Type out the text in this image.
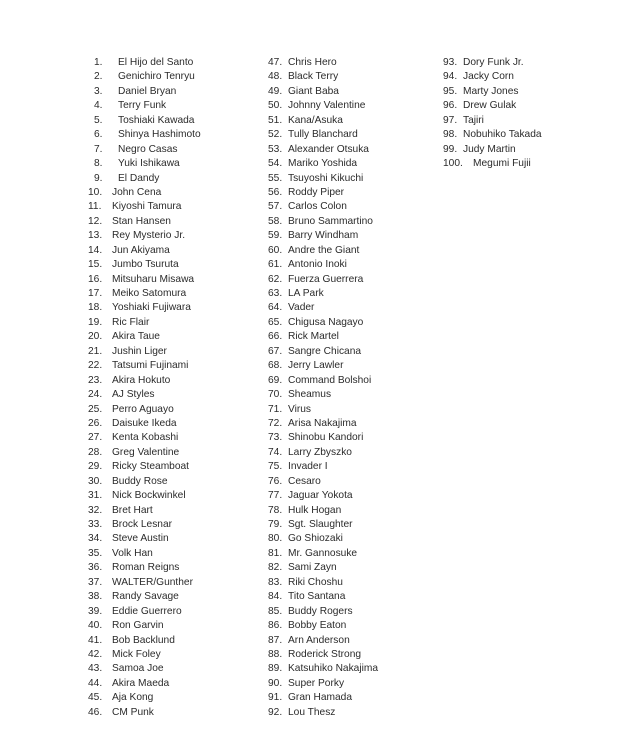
1. El Hijo del Santo
2. Genichiro Tenryu
3. Daniel Bryan
4. Terry Funk
5. Toshiaki Kawada
6. Shinya Hashimoto
7. Negro Casas
8. Yuki Ishikawa
9. El Dandy
10. John Cena
11. Kiyoshi Tamura
12. Stan Hansen
13. Rey Mysterio Jr.
14. Jun Akiyama
15. Jumbo Tsuruta
16. Mitsuharu Misawa
17. Meiko Satomura
18. Yoshiaki Fujiwara
19. Ric Flair
20. Akira Taue
21. Jushin Liger
22. Tatsumi Fujinami
23. Akira Hokuto
24. AJ Styles
25. Perro Aguayo
26. Daisuke Ikeda
27. Kenta Kobashi
28. Greg Valentine
29. Ricky Steamboat
30. Buddy Rose
31. Nick Bockwinkel
32. Bret Hart
33. Brock Lesnar
34. Steve Austin
35. Volk Han
36. Roman Reigns
37. WALTER/Gunther
38. Randy Savage
39. Eddie Guerrero
40. Ron Garvin
41. Bob Backlund
42. Mick Foley
43. Samoa Joe
44. Akira Maeda
45. Aja Kong
46. CM Punk
47. Chris Hero
48. Black Terry
49. Giant Baba
50. Johnny Valentine
51. Kana/Asuka
52. Tully Blanchard
53. Alexander Otsuka
54. Mariko Yoshida
55. Tsuyoshi Kikuchi
56. Roddy Piper
57. Carlos Colon
58. Bruno Sammartino
59. Barry Windham
60. Andre the Giant
61. Antonio Inoki
62. Fuerza Guerrera
63. LA Park
64. Vader
65. Chigusa Nagayo
66. Rick Martel
67. Sangre Chicana
68. Jerry Lawler
69. Command Bolshoi
70. Sheamus
71. Virus
72. Arisa Nakajima
73. Shinobu Kandori
74. Larry Zbyszko
75. Invader I
76. Cesaro
77. Jaguar Yokota
78. Hulk Hogan
79. Sgt. Slaughter
80. Go Shiozaki
81. Mr. Gannosuke
82. Sami Zayn
83. Riki Choshu
84. Tito Santana
85. Buddy Rogers
86. Bobby Eaton
87. Arn Anderson
88. Roderick Strong
89. Katsuhiko Nakajima
90. Super Porky
91. Gran Hamada
92. Lou Thesz
93. Dory Funk Jr.
94. Jacky Corn
95. Marty Jones
96. Drew Gulak
97. Tajiri
98. Nobuhiko Takada
99. Judy Martin
100. Megumi Fujii
